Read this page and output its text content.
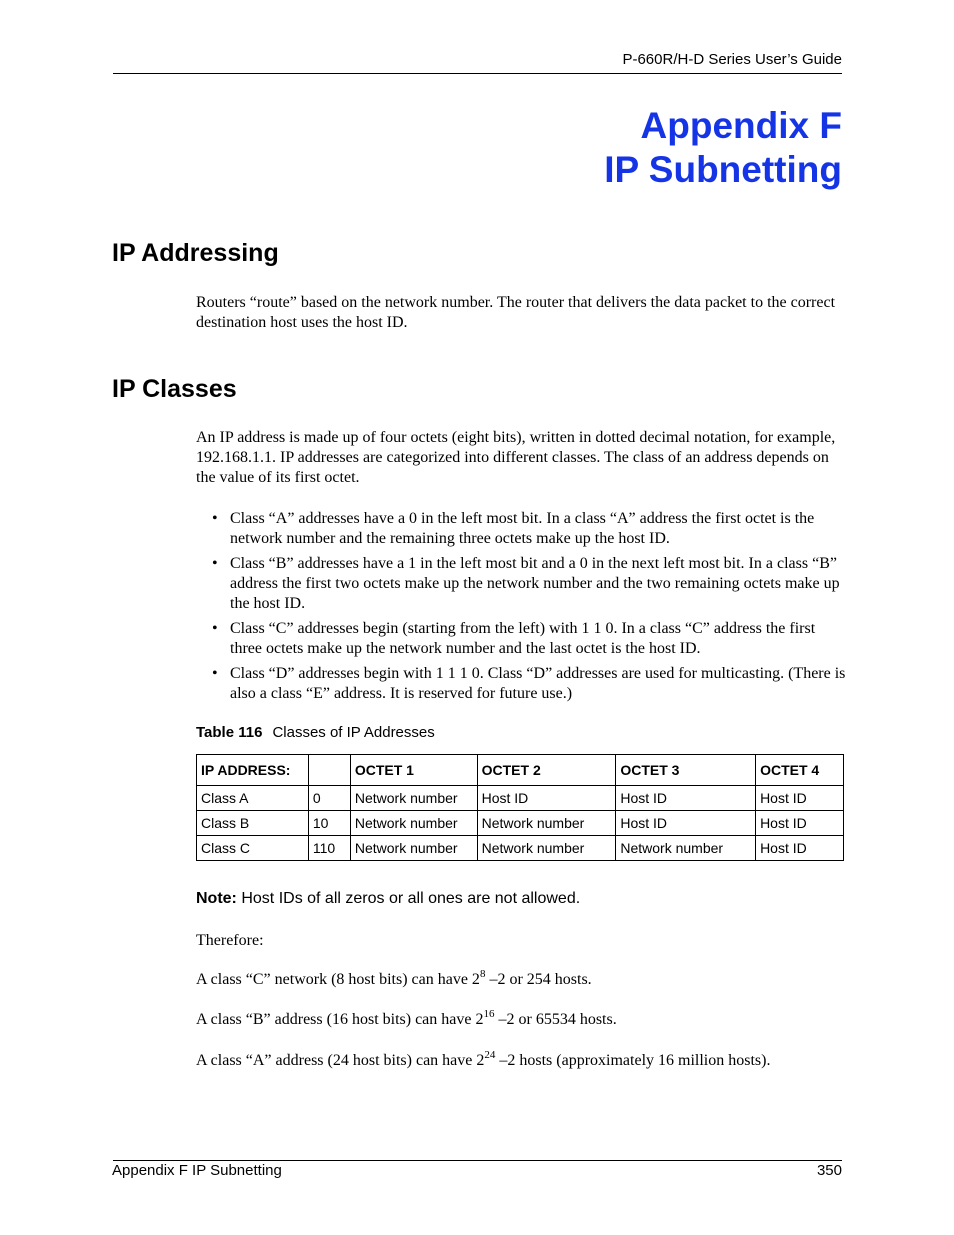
P-660R/H-D Series User’s Guide
Appendix F
IP Subnetting
IP Addressing

Routers “route” based on the network number. The router that delivers the data packet to the correct destination host uses the host ID.

IP Classes

An IP address is made up of four octets (eight bits), written in dotted decimal notation, for example, 192.168.1.1. IP addresses are categorized into different classes. The class of an address depends on the value of its first octet.

• Class “A” addresses have a 0 in the left most bit. In a class “A” address the first octet is the network number and the remaining three octets make up the host ID.
• Class “B” addresses have a 1 in the left most bit and a 0 in the next left most bit. In a class “B” address the first two octets make up the network number and the two remaining octets make up the host ID.
• Class “C” addresses begin (starting from the left) with 1 1 0. In a class “C” address the first three octets make up the network number and the last octet is the host ID.
• Class “D” addresses begin with 1 1 1 0. Class “D” addresses are used for multicasting. (There is also a class “E” address. It is reserved for future use.)
Table 116 Classes of IP Addresses
IP ADDRESS:		OCTET 1	OCTET 2	OCTET 3	OCTET 4
Class A	0	Network number	Host ID	Host ID	Host ID
Class B	10	Network number	Network number	Host ID	Host ID
Class C	110	Network number	Network number	Network number	Host ID
Note: Host IDs of all zeros or all ones are not allowed.
Therefore:
A class “C” network (8 host bits) can have $2^8$ –2 or 254 hosts.
A class “B” address (16 host bits) can have $2^{16}$ –2 or 65534 hosts.
A class “A” address (24 host bits) can have $2^{24}$ –2 hosts (approximately 16 million hosts).
Appendix F IP Subnetting	350
